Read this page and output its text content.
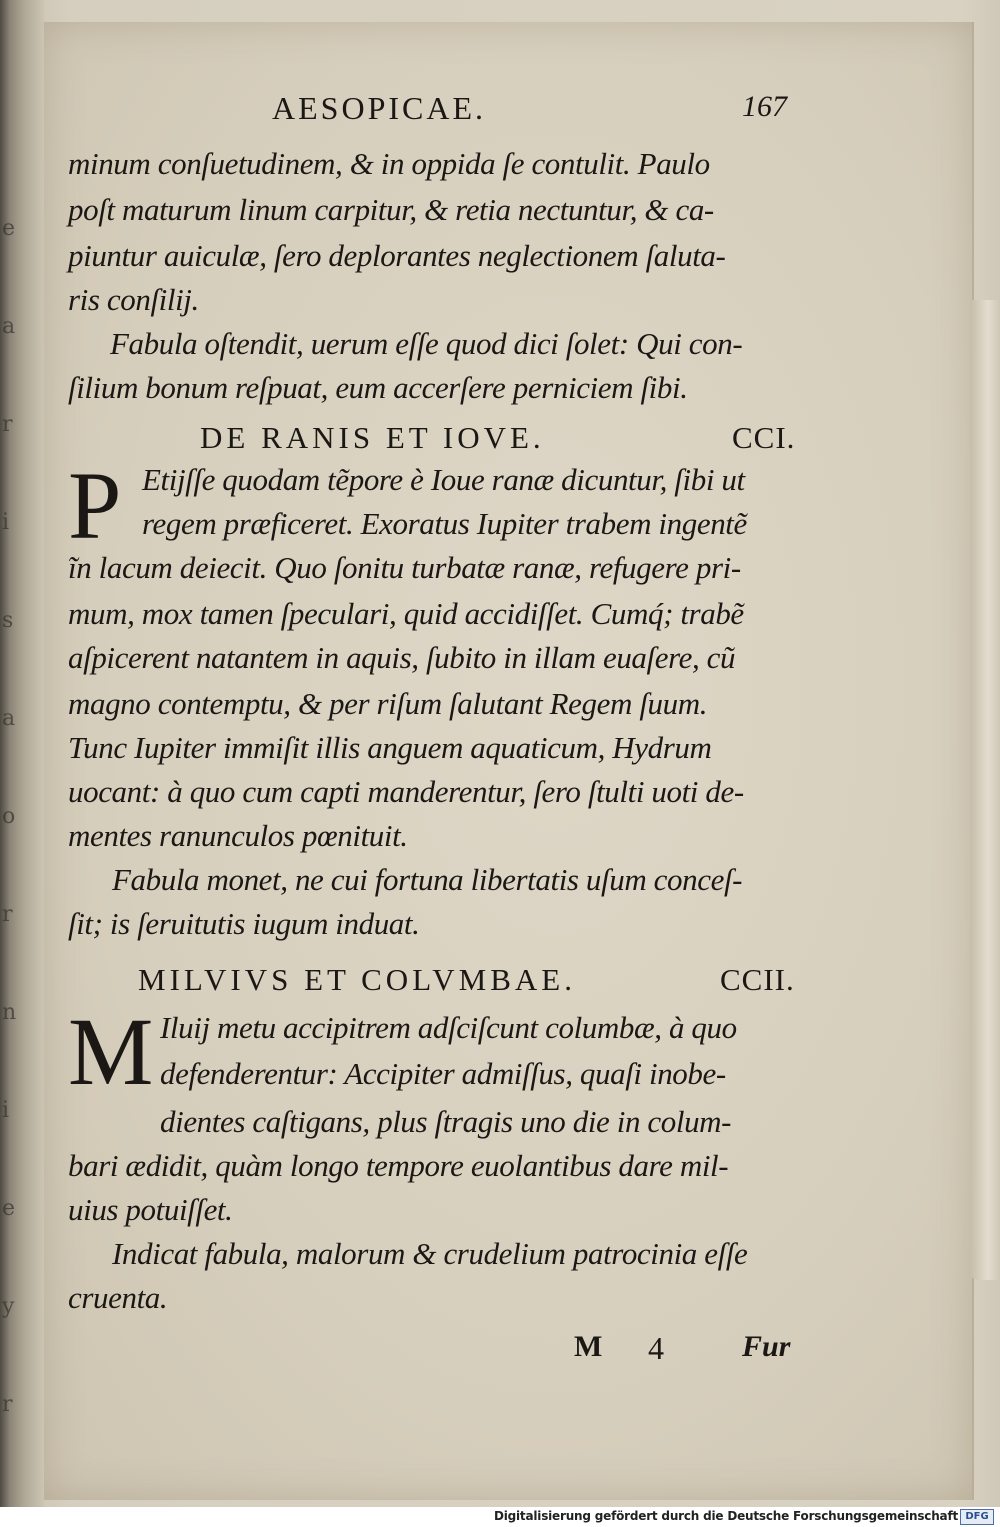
e
a
r
i
s
a
o
r
n
i
e
y
r
AESOPICAE.	167
minum conſuetudinem, & in oppida ſe contulit. Paulo
poſt maturum linum carpitur, & retia nectuntur, & ca-
piuntur auiculæ, ſero deplorantes neglectionem ſaluta-
ris conſilij.
Fabula oſtendit, uerum eſſe quod dici ſolet: Qui con-
ſilium bonum reſpuat, eum accerſere perniciem ſibi.
DE RANIS ET IOVE.	CCI.
P Etijſſe quodam tẽpore è Ioue ranæ dicuntur, ſibi ut
regem præficeret. Exoratus Iupiter trabem ingentẽ
ĩn lacum deiecit. Quo ſonitu turbatæ ranæ, refugere pri-
mum, mox tamen ſpeculari, quid accidiſſet. Cumq́; trabẽ
aſpicerent natantem in aquis, ſubito in illam euaſere, cũ
magno contemptu, & per riſum ſalutant Regem ſuum.
Tunc Iupiter immiſit illis anguem aquaticum, Hydrum
uocant: à quo cum capti manderentur, ſero ſtulti uoti de-
mentes ranunculos pœnituit.
Fabula monet, ne cui fortuna libertatis uſum conceſ-
ſit; is ſeruitutis iugum induat.
MILVIVS ET COLVMBAE.	CCII.
M Iluij metu accipitrem adſciſcunt columbæ, à quo
defenderentur: Accipiter admiſſus, quaſi inobe-
dientes caſtigans, plus ſtragis uno die in colum-
bari ædidit, quàm longo tempore euolantibus dare mil-
uius potuiſſet.
Indicat fabula, malorum & crudelium patrocinia eſſe
cruenta.
M 4	Fur
Digitalisierung gefördert durch die Deutsche Forschungsgemeinschaft DFG
